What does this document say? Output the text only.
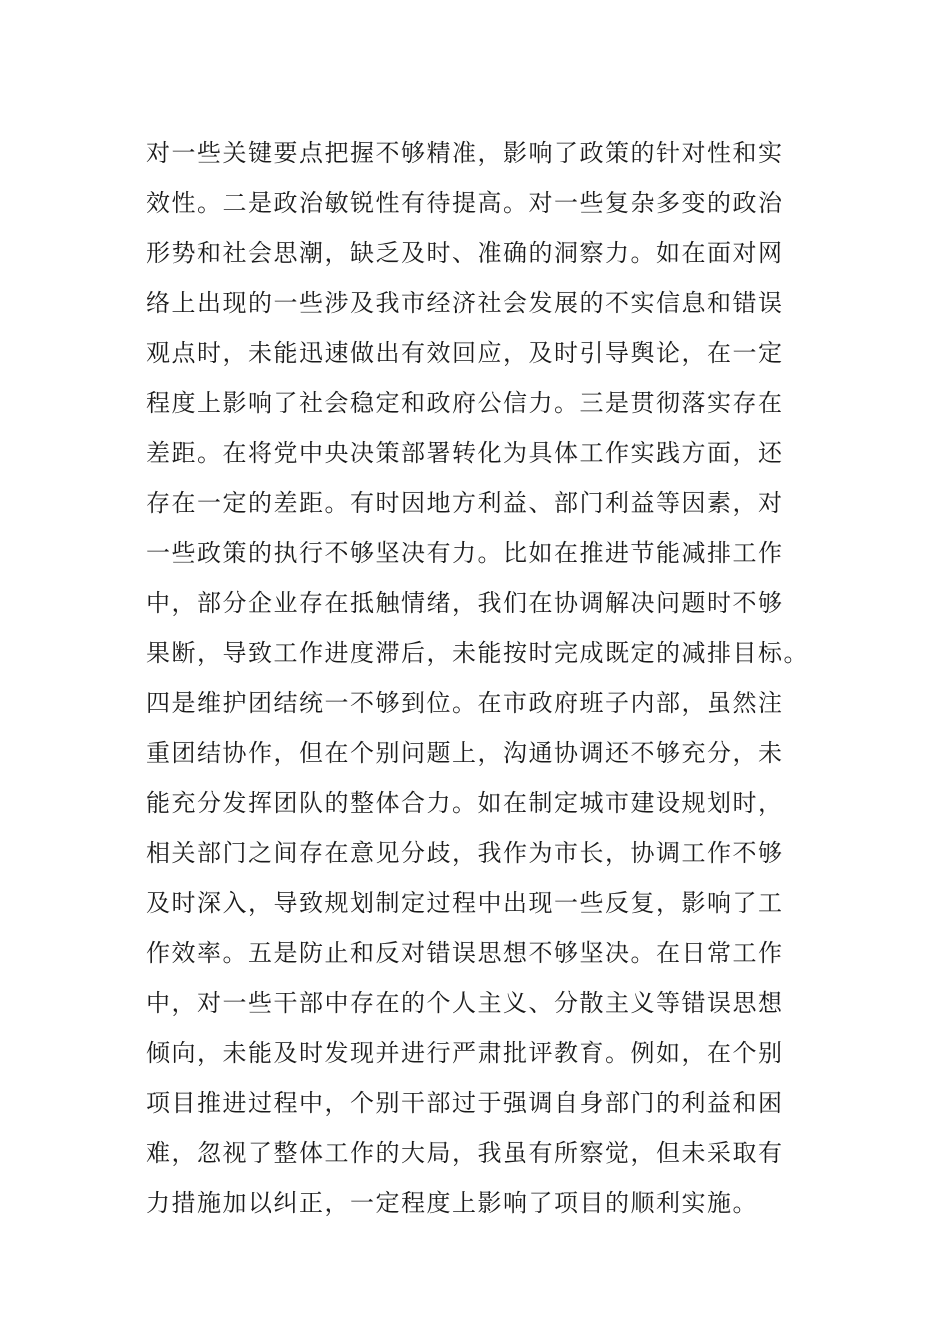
对一些关键要点把握不够精准，影响了政策的针对性和实
效性。二是政治敏锐性有待提高。对一些复杂多变的政治
形势和社会思潮，缺乏及时、准确的洞察力。如在面对网
络上出现的一些涉及我市经济社会发展的不实信息和错误
观点时，未能迅速做出有效回应，及时引导舆论，在一定
程度上影响了社会稳定和政府公信力。三是贯彻落实存在
差距。在将党中央决策部署转化为具体工作实践方面，还
存在一定的差距。有时因地方利益、部门利益等因素，对
一些政策的执行不够坚决有力。比如在推进节能减排工作
中，部分企业存在抵触情绪，我们在协调解决问题时不够
果断，导致工作进度滞后，未能按时完成既定的减排目标。
四是维护团结统一不够到位。在市政府班子内部，虽然注
重团结协作，但在个别问题上，沟通协调还不够充分，未
能充分发挥团队的整体合力。如在制定城市建设规划时，
相关部门之间存在意见分歧，我作为市长，协调工作不够
及时深入，导致规划制定过程中出现一些反复，影响了工
作效率。五是防止和反对错误思想不够坚决。在日常工作
中，对一些干部中存在的个人主义、分散主义等错误思想
倾向，未能及时发现并进行严肃批评教育。例如，在个别
项目推进过程中，个别干部过于强调自身部门的利益和困
难，忽视了整体工作的大局，我虽有所察觉，但未采取有
力措施加以纠正，一定程度上影响了项目的顺利实施。
